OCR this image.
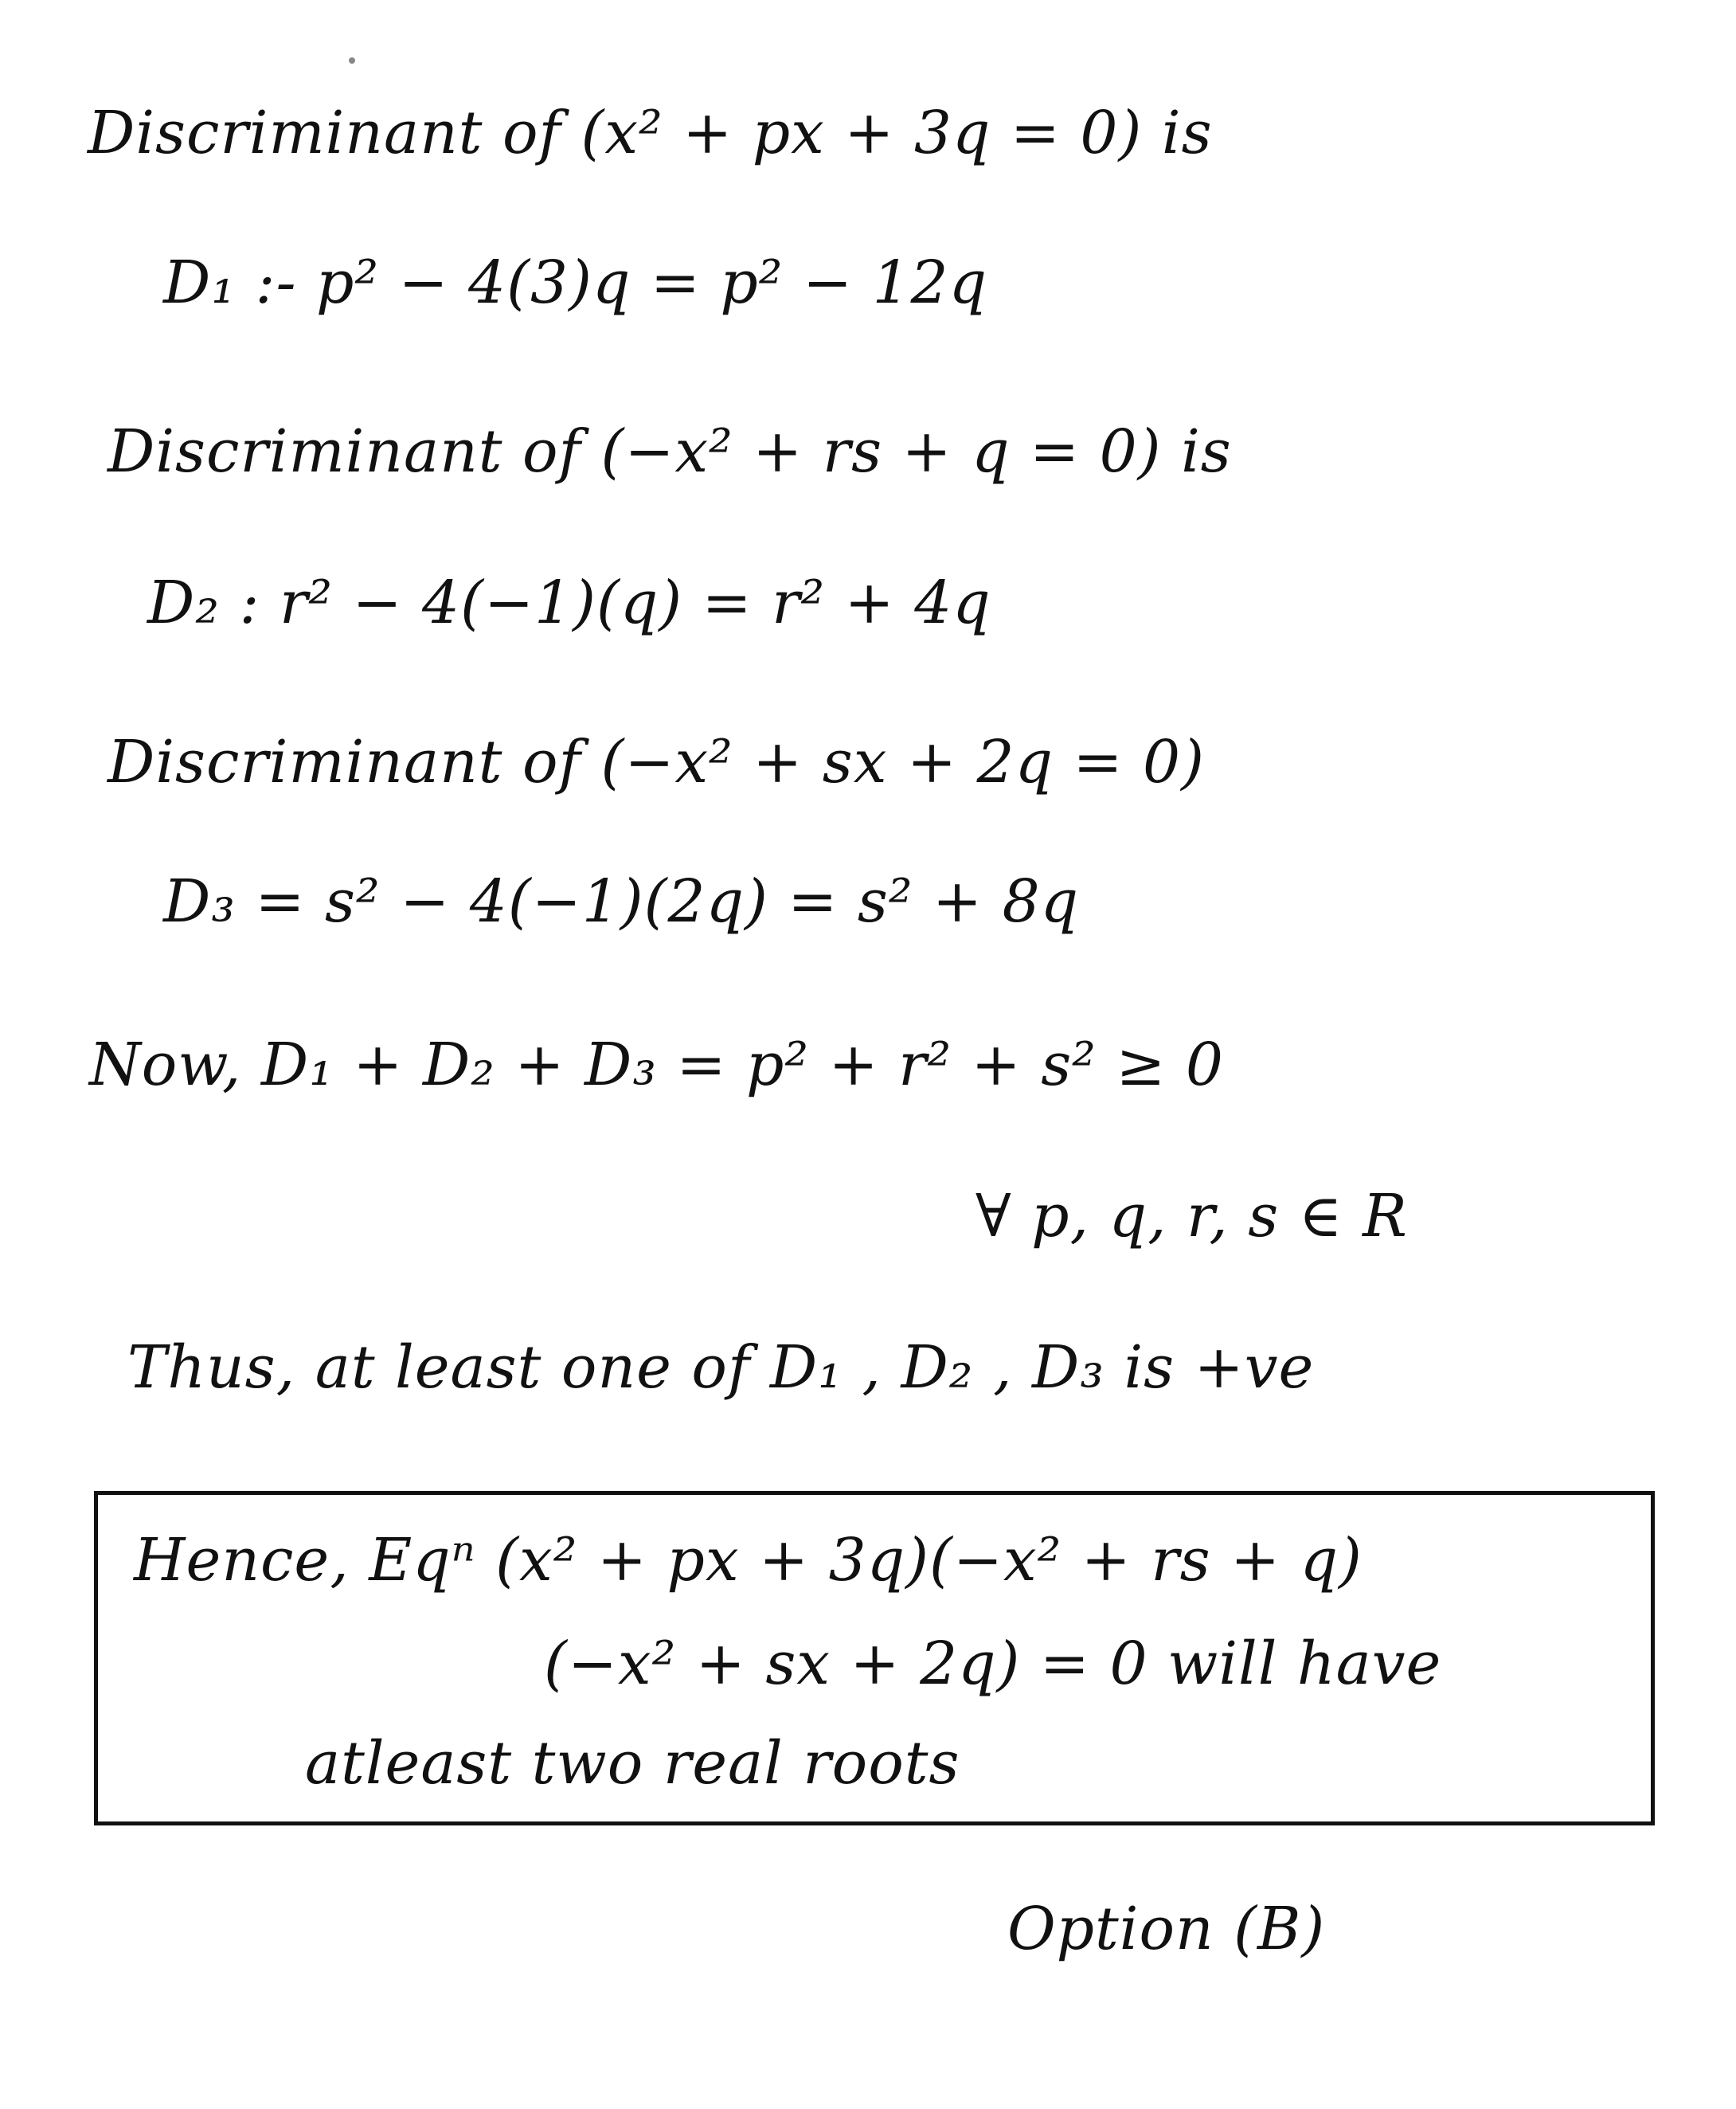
Discriminant of (x² + px + 3q = 0) is
D₁ :- p² − 4(3)q = p² − 12q
Discriminant of (−x² + rs + q = 0) is
D₂ : r² − 4(−1)(q) = r² + 4q
Discriminant of (−x² + sx + 2q = 0)
D₃ = s² − 4(−1)(2q) = s² + 8q
Now, D₁ + D₂ + D₃ = p² + r² + s² ≥ 0
∀ p, q, r, s ∈ R
Thus, at least one of D₁ , D₂ , D₃ is +ve
Hence, Eqⁿ (x² + px + 3q)(−x² + rs + q)
(−x² + sx + 2q) = 0 will have
atleast two real roots
Option (B)
